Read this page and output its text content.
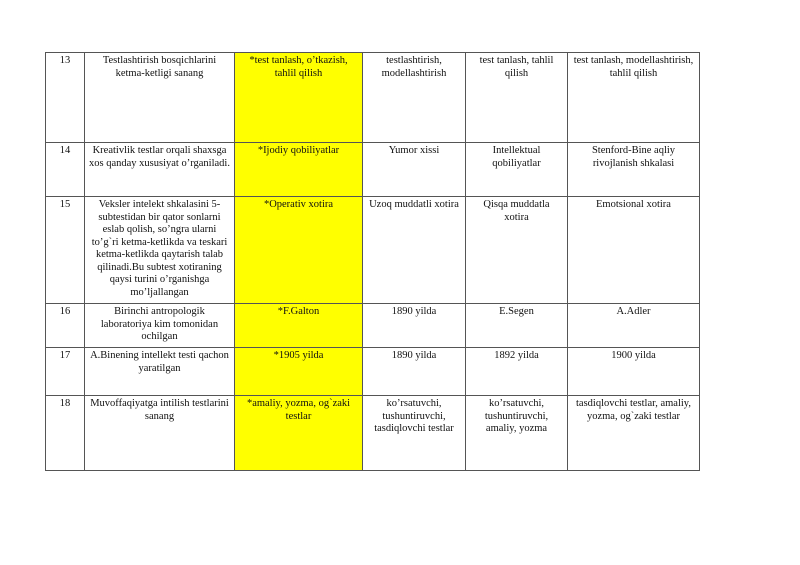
13	Testlashtirish bosqichlarini ketma-ketligi sanang	*test tanlash, o’tkazish, tahlil qilish	testlashtirish, modellashtirish	test tanlash, tahlil qilish	test tanlash, modellashtirish, tahlil qilish
14	Kreativlik testlar orqali shaxsga xos qanday xususiyat o’rganiladi.	*Ijodiy qobiliyatlar	Yumor xissi	Intellektual qobiliyatlar	Stenford-Bine aqliy rivojlanish shkalasi
15	Veksler intelekt shkalasini 5-subtestidan bir qator sonlarni eslab qolish, so’ngra ularni to’g`ri ketma-ketlikda va teskari ketma-ketlikda qaytarish talab qilinadi.Bu subtest xotiraning qaysi turini o’rganishga mo’ljallangan	*Operativ xotira	Uzoq muddatli xotira	Qisqa muddatla xotira	Emotsional xotira
16	Birinchi antropologik laboratoriya kim tomonidan ochilgan	*F.Galton	1890 yilda	E.Segen	A.Adler
17	A.Binening intellekt testi qachon yaratilgan	*1905 yilda	1890 yilda	1892 yilda	1900 yilda
18	Muvoffaqiyatga intilish testlarini sanang	*amaliy, yozma, og`zaki testlar	ko’rsatuvchi, tushuntiruvchi, tasdiqlovchi testlar	ko’rsatuvchi, tushuntiruvchi, amaliy, yozma	tasdiqlovchi testlar, amaliy, yozma, og`zaki testlar
